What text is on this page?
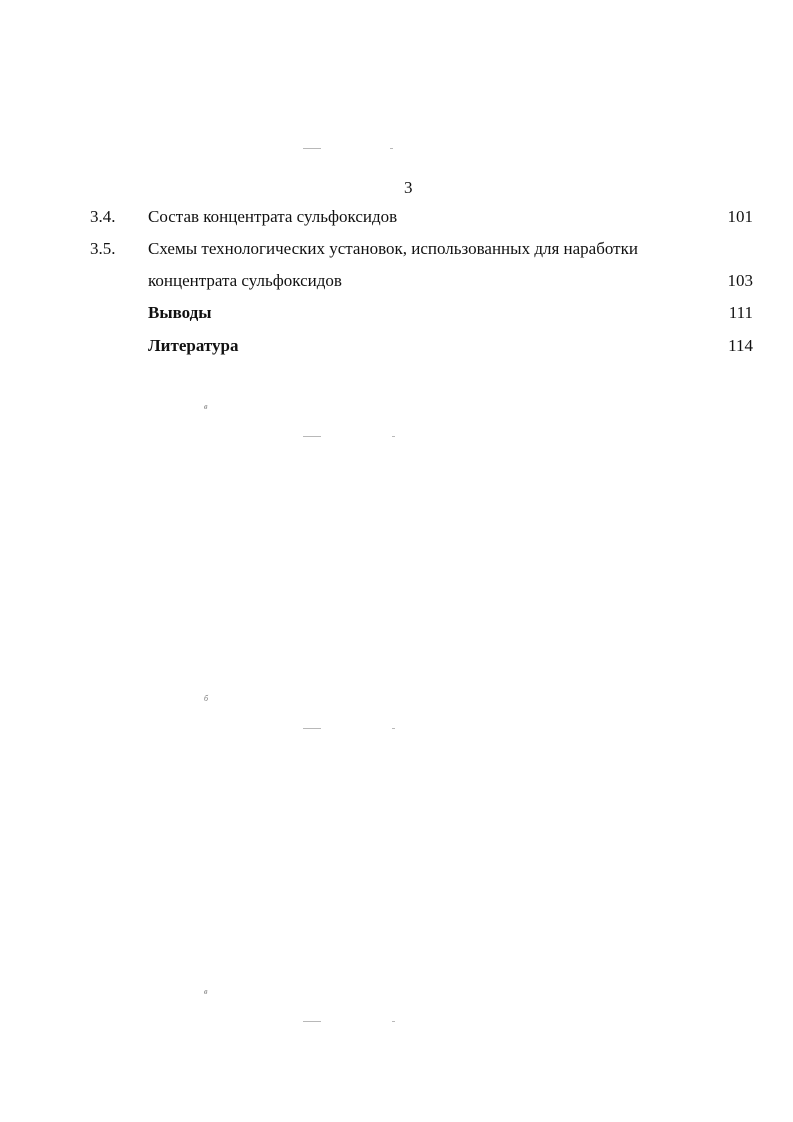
3
3.4. Состав концентрата сульфоксидов	101
3.5. Схемы технологических установок, использованных для наработки
концентрата сульфоксидов	103
Выводы	111
Литература	114
в
б
в
